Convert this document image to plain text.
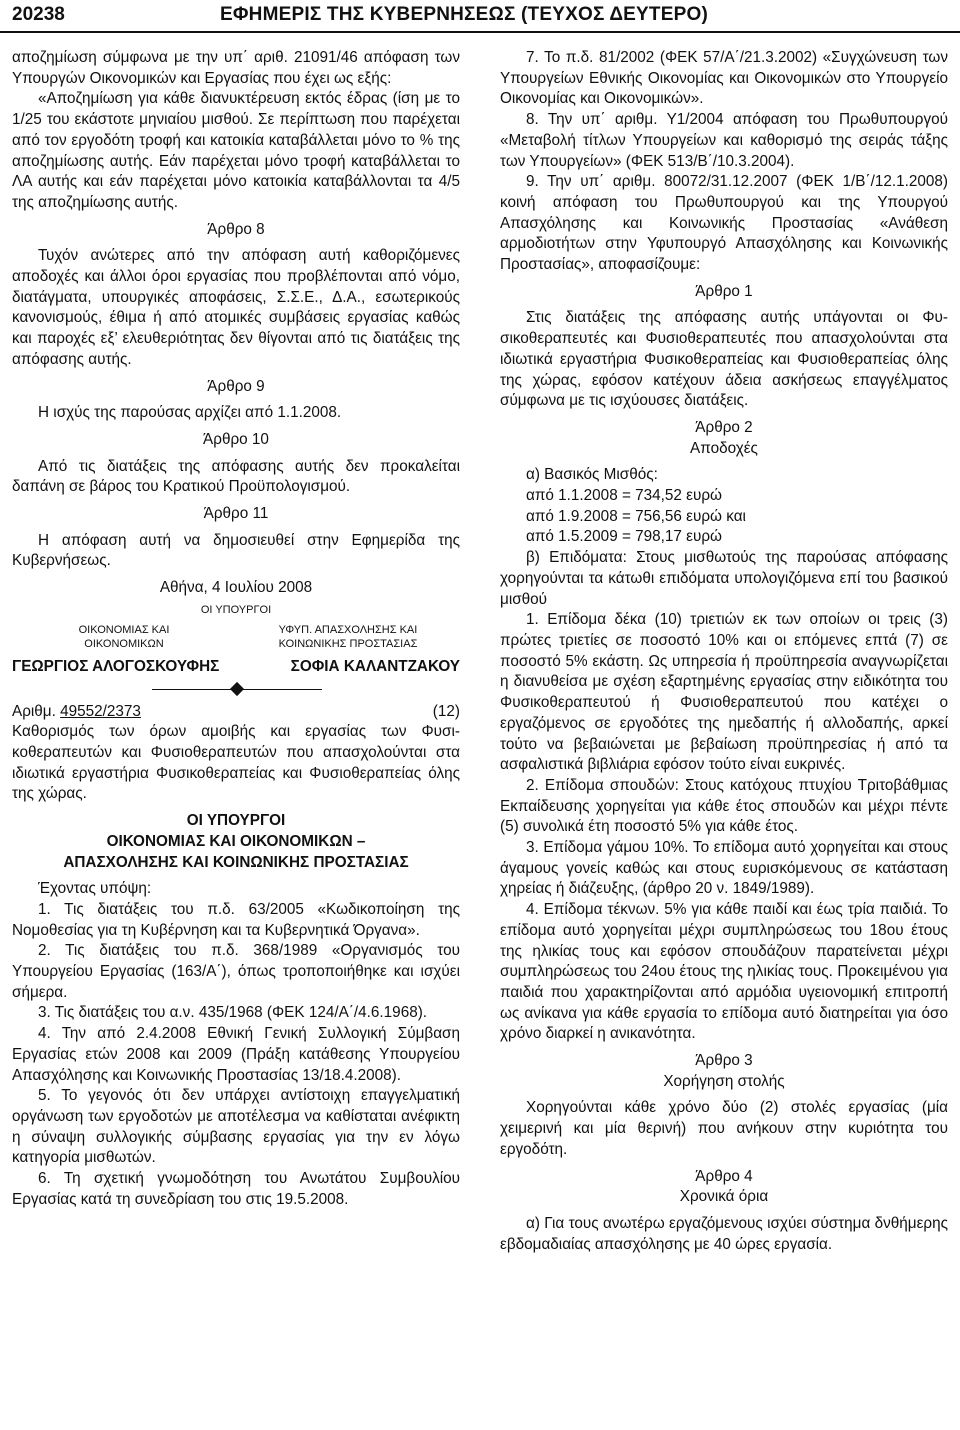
20238	ΕΦΗΜΕΡΙΣ ΤΗΣ ΚΥΒΕΡΝΗΣΕΩΣ (ΤΕΥΧΟΣ ΔΕΥΤΕΡΟ)

αποζημίωση σύμφωνα με την υπ΄ αριθ. 21091/46 απόφαση των Υπουργών Οικονομικών και Εργασίας που έχει ως εξής:

«Αποζημίωση για κάθε διανυκτέρευση εκτός έδρας (ίση με το 1/25 του εκάστοτε μηνιαίου μισθού. Σε περίπτωση που παρέχεται από τον εργοδότη τροφή και κατοικία καταβάλλεται μόνο το % της αποζημίωσης αυτής. Εάν παρέχεται μόνο τροφή καταβάλλεται το ΛΑ αυτής και εάν παρέχεται μόνο κατοικία καταβάλλονται τα 4/5 της αποζημίωσης αυτής.

Άρθρο 8

Τυχόν ανώτερες από την απόφαση αυτή καθοριζόμενες αποδοχές και άλλοι όροι εργασίας που προβλέπονται από νόμο, διατάγματα, υπουργικές αποφάσεις, Σ.Σ.Ε., Δ.Α., εσωτερικούς κανονισμούς, έθιμα ή από ατομικές συμβάσεις εργασίας καθώς και παροχές εξ’ ελευθεριότητας δεν θίγονται από τις διατάξεις της απόφασης αυτής.

Άρθρο 9

Η ισχύς της παρούσας αρχίζει από 1.1.2008.

Άρθρο 10

Από τις διατάξεις της απόφασης αυτής δεν προκαλείται δαπάνη σε βάρος του Κρατικού Προϋπολογισμού.

Άρθρο 11

Η απόφαση αυτή να δημοσιευθεί στην Εφημερίδα της Κυβερνήσεως.

Αθήνα, 4 Ιουλίου 2008

ΟΙ ΥΠΟΥΡΓΟΙ

ΟΙΚΟΝΟΜΙΑΣ ΚΑΙ
ΟΙΚΟΝΟΜΙΚΩΝ
ΥΦΥΠ. ΑΠΑΣΧΟΛΗΣΗΣ ΚΑΙ
ΚΟΙΝΩΝΙΚΗΣ ΠΡΟΣΤΑΣΙΑΣ
ΓΕΩΡΓΙΟΣ ΑΛΟΓΟΣΚΟΥΦΗΣ	ΣΟΦΙΑ ΚΑΛΑΝΤΖΑΚΟΥ
Αριθμ. 49552/2373	(12)

Καθορισμός των όρων αμοιβής και εργασίας των Φυσικοθεραπευτών και Φυσιοθεραπευτών που απασχολούνται στα ιδιωτικά εργαστήρια Φυσικοθεραπείας και Φυσιοθεραπείας όλης της χώρας.

ΟΙ ΥΠΟΥΡΓΟΙ

ΟΙΚΟΝΟΜΙΑΣ ΚΑΙ ΟΙΚΟΝΟΜΙΚΩΝ –

ΑΠΑΣΧΟΛΗΣΗΣ ΚΑΙ ΚΟΙΝΩΝΙΚΗΣ ΠΡΟΣΤΑΣΙΑΣ

Έχοντας υπόψη:

1. Τις διατάξεις του π.δ. 63/2005 «Κωδικοποίηση της Νομοθεσίας για τη Κυβέρνηση και τα Κυβερνητικά Όργανα».

2. Τις διατάξεις του π.δ. 368/1989 «Οργανισμός του Υπουργείου Εργασίας (163/Α΄), όπως τροποποιήθηκε και ισχύει σήμερα.

3. Τις διατάξεις του α.ν. 435/1968 (ΦΕΚ 124/Α΄/4.6.1968).

4. Την από 2.4.2008 Εθνική Γενική Συλλογική Σύμβαση Εργασίας ετών 2008 και 2009 (Πράξη κατάθεσης Υπουργείου Απασχόλησης και Κοινωνικής Προστασίας 13/18.4.2008).

5. Το γεγονός ότι δεν υπάρχει αντίστοιχη επαγγελματική οργάνωση των εργοδοτών με αποτέλεσμα να καθίσταται ανέφικτη η σύναψη συλλογικής σύμβασης εργασίας για την εν λόγω κατηγορία μισθωτών.

6. Τη σχετική γνωμοδότηση του Ανωτάτου Συμβουλίου Εργασίας κατά τη συνεδρίαση του στις 19.5.2008.

7. Το π.δ. 81/2002 (ΦΕΚ 57/Α΄/21.3.2002) «Συγχώνευση των Υπουργείων Εθνικής Οικονομίας και Οικονομικών στο Υπουργείο Οικονομίας και Οικονομικών».

8. Την υπ΄ αριθμ. Υ1/2004 απόφαση του Πρωθυπουργού «Μεταβολή τίτλων Υπουργείων και καθορισμό της σειράς τάξης των Υπουργείων» (ΦΕΚ 513/Β΄/10.3.2004).

9. Την υπ΄ αριθμ. 80072/31.12.2007 (ΦΕΚ 1/Β΄/12.1.2008) κοινή απόφαση του Πρωθυπουργού και της Υπουργού Απασχόλησης και Κοινωνικής Προστασίας «Ανάθεση αρμοδιοτήτων στην Υφυπουργό Απασχόλησης και Κοινωνικής Προστασίας», αποφασίζουμε:

Άρθρο 1

Στις διατάξεις της απόφασης αυτής υπάγονται οι Φυσικοθεραπευτές και Φυσιοθεραπευτές που απασχολούνται στα ιδιωτικά εργαστήρια Φυσικοθεραπείας και Φυσιοθεραπείας όλης της χώρας, εφόσον κατέχουν άδεια ασκήσεως επαγγέλματος σύμφωνα με τις ισχύουσες διατάξεις.

Άρθρο 2

Αποδοχές

α) Βασικός Μισθός:

από 1.1.2008 = 734,52 ευρώ

από 1.9.2008 = 756,56 ευρώ και

από 1.5.2009 = 798,17 ευρώ

β) Επιδόματα: Στους μισθωτούς της παρούσας απόφασης χορηγούνται τα κάτωθι επιδόματα υπολογιζόμενα επί του βασικού μισθού

1. Επίδομα δέκα (10) τριετιών εκ των οποίων οι τρεις (3) πρώτες τριετίες σε ποσοστό 10% και οι επόμενες επτά (7) σε ποσοστό 5% εκάστη. Ως υπηρεσία ή προϋπηρεσία αναγνωρίζεται η διανυθείσα με σχέση εξαρτημένης εργασίας στην ειδικότητα του Φυσικοθεραπευτού ή Φυσιοθεραπευτού που κατέχει ο εργαζόμενος σε εργοδότες της ημεδαπής ή αλλοδαπής, αρκεί τούτο να βεβαιώνεται με βεβαίωση προϋπηρεσίας ή από τα ασφαλιστικά βιβλιάρια εφόσον τούτο είναι ευκρινές.

2. Επίδομα σπουδών: Στους κατόχους πτυχίου Τριτοβάθμιας Εκπαίδευσης χορηγείται για κάθε έτος σπουδών και μέχρι πέντε (5) συνολικά έτη ποσοστό 5% για κάθε έτος.

3. Επίδομα γάμου 10%. Το επίδομα αυτό χορηγείται και στους άγαμους γονείς καθώς και στους ευρισκόμενους σε κατάσταση χηρείας ή διάζευξης, (άρθρο 20 ν. 1849/1989).

4. Επίδομα τέκνων. 5% για κάθε παιδί και έως τρία παιδιά. Το επίδομα αυτό χορηγείται μέχρι συμπληρώσεως του 18ου έτους της ηλικίας τους και εφόσον σπουδάζουν παρατείνεται μέχρι συμπληρώσεως του 24ου έτους της ηλικίας τους. Προκειμένου για παιδιά που χαρακτηρίζονται από αρμόδια υγειονομική επιτροπή ως ανίκανα για κάθε εργασία το επίδομα αυτό διατηρείται για όσο χρόνο διαρκεί η ανικανότητα.

Άρθρο 3

Χορήγηση στολής

Χορηγούνται κάθε χρόνο δύο (2) στολές εργασίας (μία χειμερινή και μία θερινή) που ανήκουν στην κυριότητα του εργοδότη.

Άρθρο 4

Χρονικά όρια

α) Για τους ανωτέρω εργαζόμενους ισχύει σύστημα δνθήμερης εβδομαδιαίας απασχόλησης με 40 ώρες εργασία.
